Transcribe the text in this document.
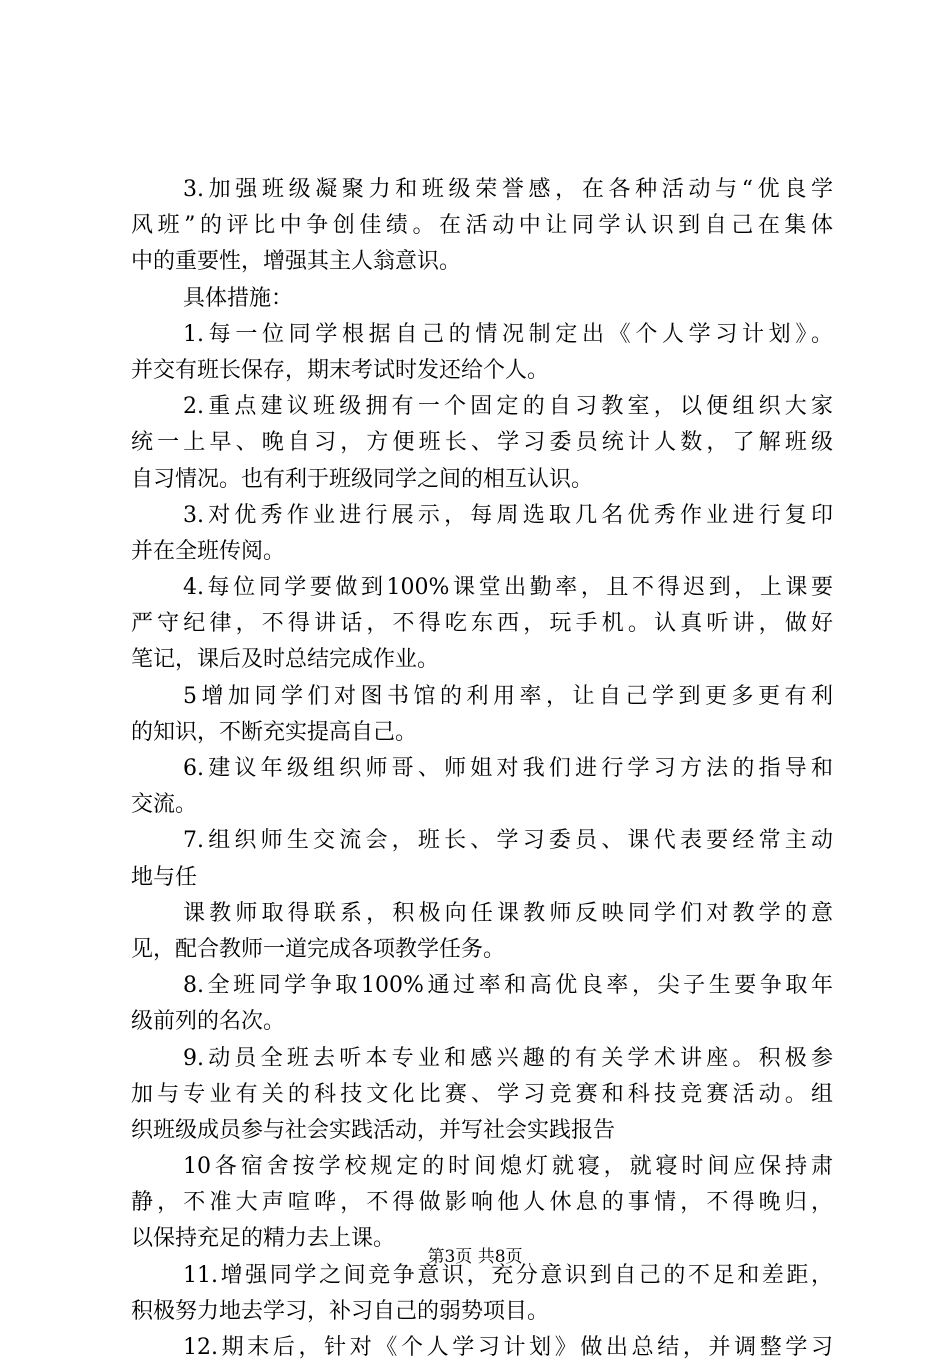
3.加强班级凝聚力和班级荣誉感，在各种活动与“优良学
风班”的评比中争创佳绩。在活动中让同学认识到自己在集体
中的重要性，增强其主人翁意识。
具体措施：
1.每一位同学根据自己的情况制定出《个人学习计划》。
并交有班长保存，期末考试时发还给个人。
2.重点建议班级拥有一个固定的自习教室，以便组织大家
统一上早、晚自习，方便班长、学习委员统计人数，了解班级
自习情况。也有利于班级同学之间的相互认识。
3.对优秀作业进行展示，每周选取几名优秀作业进行复印
并在全班传阅。
4.每位同学要做到100%课堂出勤率，且不得迟到，上课要
严守纪律，不得讲话，不得吃东西，玩手机。认真听讲，做好
笔记，课后及时总结完成作业。
5增加同学们对图书馆的利用率，让自己学到更多更有利
的知识，不断充实提高自己。
6.建议年级组织师哥、师姐对我们进行学习方法的指导和
交流。
7.组织师生交流会，班长、学习委员、课代表要经常主动
地与任
课教师取得联系，积极向任课教师反映同学们对教学的意
见，配合教师一道完成各项教学任务。
8.全班同学争取100%通过率和高优良率，尖子生要争取年
级前列的名次。
9.动员全班去听本专业和感兴趣的有关学术讲座。积极参
加与专业有关的科技文化比赛、学习竞赛和科技竞赛活动。组
织班级成员参与社会实践活动，并写社会实践报告
10各宿舍按学校规定的时间熄灯就寝，就寝时间应保持肃
静，不准大声喧哗，不得做影响他人休息的事情，不得晚归，
以保持充足的精力去上课。
11.增强同学之间竞争意识，充分意识到自己的不足和差距，
积极努力地去学习，补习自己的弱势项目。
12.期末后，针对《个人学习计划》做出总结，并调整学习
第3页 共8页
